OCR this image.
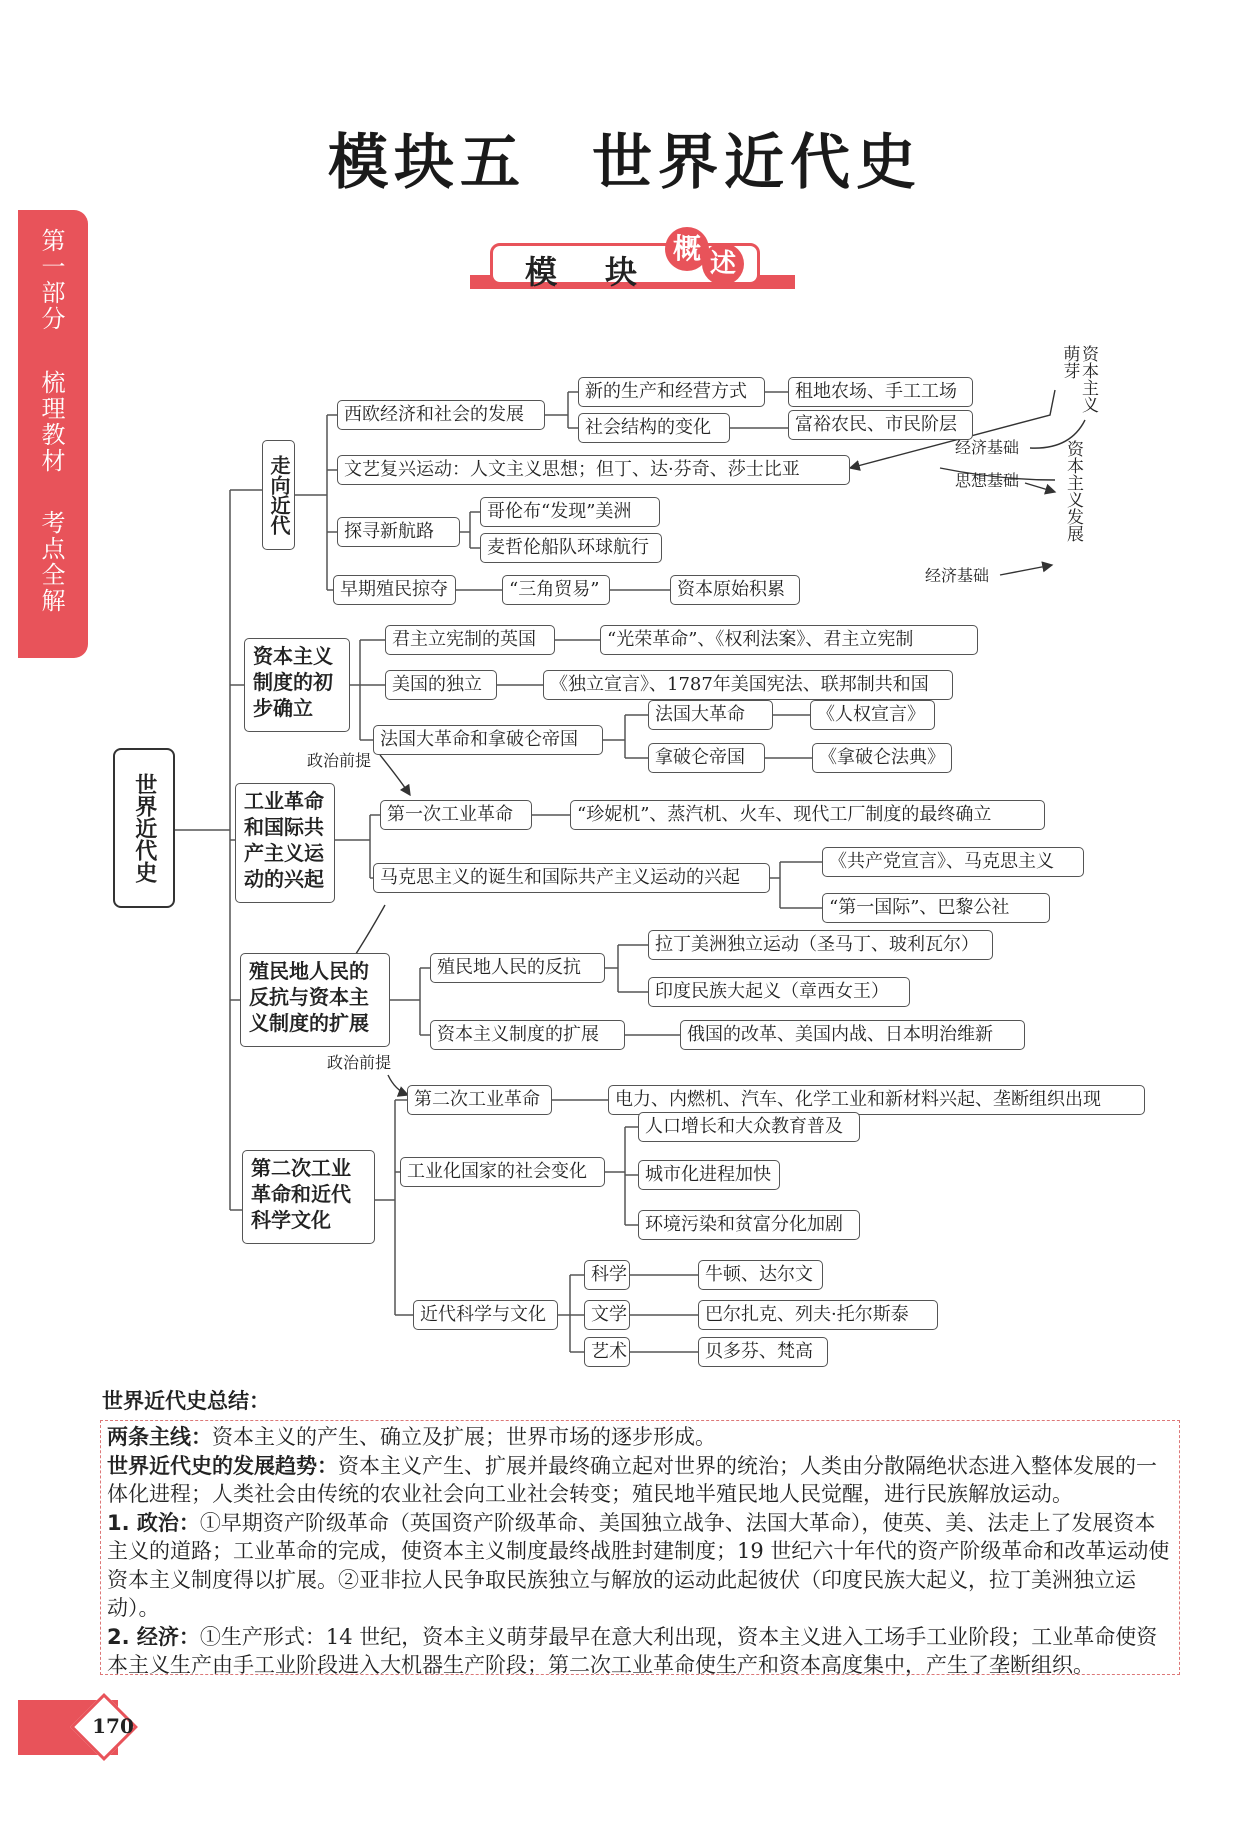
第一部分
梳理教材
考点全解
模块五　世界近代史
模　块
概 述
世界近代史
走向近代
资本主义制度的初步确立
工业革命和国际共产主义运动的兴起
殖民地人民的反抗与资本主义制度的扩展
第二次工业革命和近代科学文化
西欧经济和社会的发展
新的生产和经营方式	租地农场、手工工场
社会结构的变化	富裕农民、市民阶层
文艺复兴运动：人文主义思想；但丁、达·芬奇、莎士比亚
探寻新航路
哥伦布“发现”美洲
麦哲伦船队环球航行
早期殖民掠夺	“三角贸易”	资本原始积累
君主立宪制的英国	“光荣革命”、《权利法案》、君主立宪制
美国的独立	《独立宣言》、1787年美国宪法、联邦制共和国
法国大革命和拿破仑帝国
法国大革命	《人权宣言》
拿破仑帝国	《拿破仑法典》
第一次工业革命	“珍妮机”、蒸汽机、火车、现代工厂制度的最终确立
马克思主义的诞生和国际共产主义运动的兴起
《共产党宣言》、马克思主义
“第一国际”、巴黎公社
殖民地人民的反抗
拉丁美洲独立运动（圣马丁、玻利瓦尔）
印度民族大起义（章西女王）
资本主义制度的扩展	俄国的改革、美国内战、日本明治维新
第二次工业革命	电力、内燃机、汽车、化学工业和新材料兴起、垄断组织出现
工业化国家的社会变化
人口增长和大众教育普及
城市化进程加快
环境污染和贫富分化加剧
近代科学与文化
科学	牛顿、达尔文
文学	巴尔扎克、列夫·托尔斯泰
艺术	贝多芬、梵高
经济基础
思想基础
经济基础
政治前提
政治前提
资本主义萌芽
资本主义发展
世界近代史总结：
两条主线：资本主义的产生、确立及扩展；世界市场的逐步形成。
世界近代史的发展趋势：资本主义产生、扩展并最终确立起对世界的统治；人类由分散隔绝状态进入整体发展的一体化进程；人类社会由传统的农业社会向工业社会转变；殖民地半殖民地人民觉醒，进行民族解放运动。
1. 政治：①早期资产阶级革命（英国资产阶级革命、美国独立战争、法国大革命），使英、美、法走上了发展资本主义的道路；工业革命的完成，使资本主义制度最终战胜封建制度；19 世纪六十年代的资产阶级革命和改革运动使资本主义制度得以扩展。②亚非拉人民争取民族独立与解放的运动此起彼伏（印度民族大起义，拉丁美洲独立运动）。
2. 经济：①生产形式：14 世纪，资本主义萌芽最早在意大利出现，资本主义进入工场手工业阶段；工业革命使资本主义生产由手工业阶段进入大机器生产阶段；第二次工业革命使生产和资本高度集中，产生了垄断组织。
170
